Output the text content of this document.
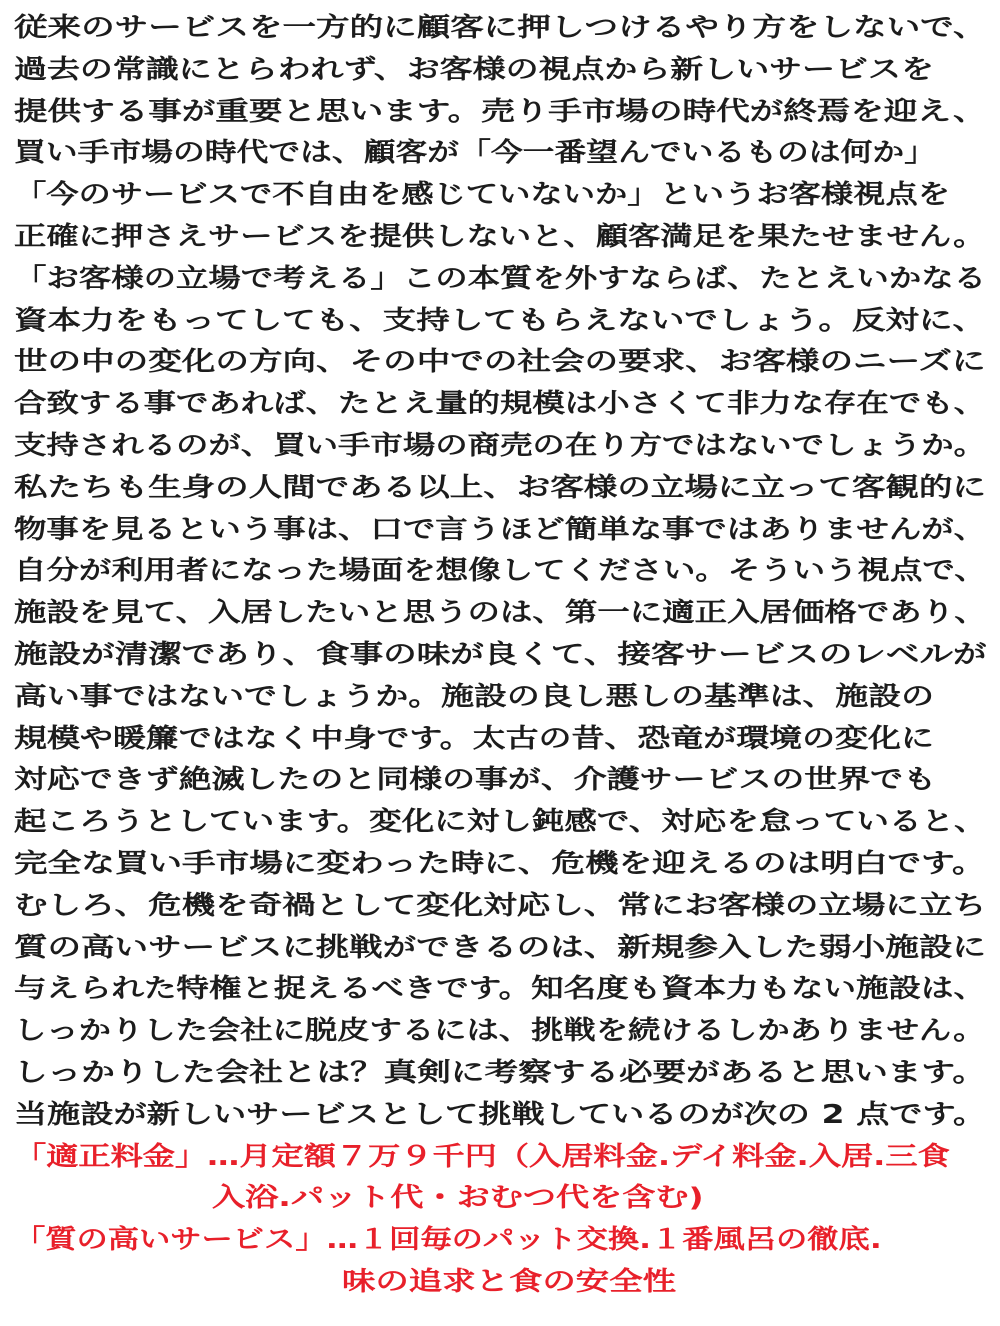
従来のサービスを一方的に顧客に押しつけるやり方をしないで、
過去の常識にとらわれず、お客様の視点から新しいサービスを
提供する事が重要と思います。売り手市場の時代が終焉を迎え、
買い手市場の時代では、顧客が「今一番望んでいるものは何か」
「今のサービスで不自由を感じていないか」というお客様視点を
正確に押さえサービスを提供しないと、顧客満足を果たせません。
「お客様の立場で考える」この本質を外すならば、たとえいかなる
資本力をもってしても、支持してもらえないでしょう。反対に、
世の中の変化の方向、その中での社会の要求、お客様のニーズに
合致する事であれば、たとえ量的規模は小さくて非力な存在でも、
支持されるのが、買い手市場の商売の在り方ではないでしょうか。
私たちも生身の人間である以上、お客様の立場に立って客観的に
物事を見るという事は、口で言うほど簡単な事ではありませんが、
自分が利用者になった場面を想像してください。そういう視点で、
施設を見て、入居したいと思うのは、第一に適正入居価格であり、
施設が清潔であり、食事の味が良くて、接客サービスのレベルが
高い事ではないでしょうか。施設の良し悪しの基準は、施設の
規模や暖簾ではなく中身です。太古の昔、恐竜が環境の変化に
対応できず絶滅したのと同様の事が、介護サービスの世界でも
起ころうとしています。変化に対し鈍感で、対応を怠っていると、
完全な買い手市場に変わった時に、危機を迎えるのは明白です。
むしろ、危機を奇禍として変化対応し、常にお客様の立場に立ち
質の高いサービスに挑戦ができるのは、新規参入した弱小施設に
与えられた特権と捉えるべきです。知名度も資本力もない施設は、
しっかりした会社に脱皮するには、挑戦を続けるしかありません。
しっかりした会社とは？真剣に考察する必要があると思います。
当施設が新しいサービスとして挑戦しているのが次の 2 点です。
「適正料金」…月定額７万９千円（入居料金.デイ料金.入居.三食
入浴.パット代・おむつ代を含む)
「質の高いサービス」…１回毎のパット交換.１番風呂の徹底.
味の追求と食の安全性
